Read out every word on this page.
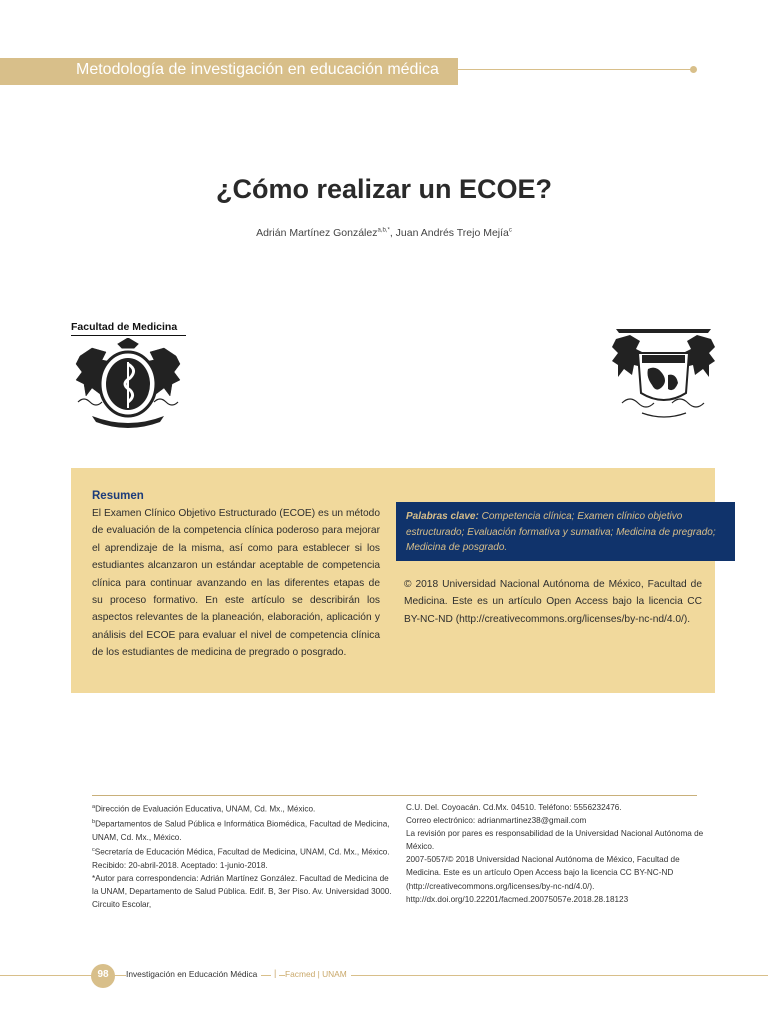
Metodología de investigación en educación médica
¿Cómo realizar un ECOE?
Adrián Martínez González$^{a,b,*}$, Juan Andrés Trejo Mejía$^c$
Facultad de Medicina
Resumen
El Examen Clínico Objetivo Estructurado (ECOE) es un método de evaluación de la competencia clínica poderoso para mejorar el aprendizaje de la misma, así como para establecer si los estudiantes alcanzaron un estándar aceptable de competencia clínica para continuar avanzando en las diferentes etapas de su proceso formativo. En este artículo se describirán los aspectos relevantes de la planeación, elaboración, aplicación y análisis del ECOE para evaluar el nivel de competencia clínica de los estudiantes de medicina de pregrado o posgrado.
Palabras clave: Competencia clínica; Examen clínico objetivo estructurado; Evaluación formativa y sumativa; Medicina de pregrado; Medicina de posgrado.
© 2018 Universidad Nacional Autónoma de México, Facultad de Medicina. Este es un artículo Open Access bajo la licencia CC BY-NC-ND (http://creativecommons.org/licenses/by-nc-nd/4.0/).
$^a$Dirección de Evaluación Educativa, UNAM, Cd. Mx., México.
$^b$Departamentos de Salud Pública e Informática Biomédica, Facultad de Medicina, UNAM, Cd. Mx., México.
$^c$Secretaría de Educación Médica, Facultad de Medicina, UNAM, Cd. Mx., México.
Recibido: 20-abril-2018. Aceptado: 1-junio-2018.
*Autor para correspondencia: Adrián Martínez González. Facultad de Medicina de la UNAM, Departamento de Salud Pública. Edif. B, 3er Piso. Av. Universidad 3000. Circuito Escolar,
C.U. Del. Coyoacán. Cd.Mx. 04510. Teléfono: 5556232476.
Correo electrónico: adrianmartinez38@gmail.com
La revisión por pares es responsabilidad de la Universidad Nacional Autónoma de México.
2007-5057/© 2018 Universidad Nacional Autónoma de México, Facultad de Medicina. Este es un artículo Open Access bajo la licencia CC BY-NC-ND (http://creativecommons.org/licenses/by-nc-nd/4.0/).
http://dx.doi.org/10.22201/facmed.20075057e.2018.28.18123
98	Investigación en Educación Médica	|	Facmed | UNAM
